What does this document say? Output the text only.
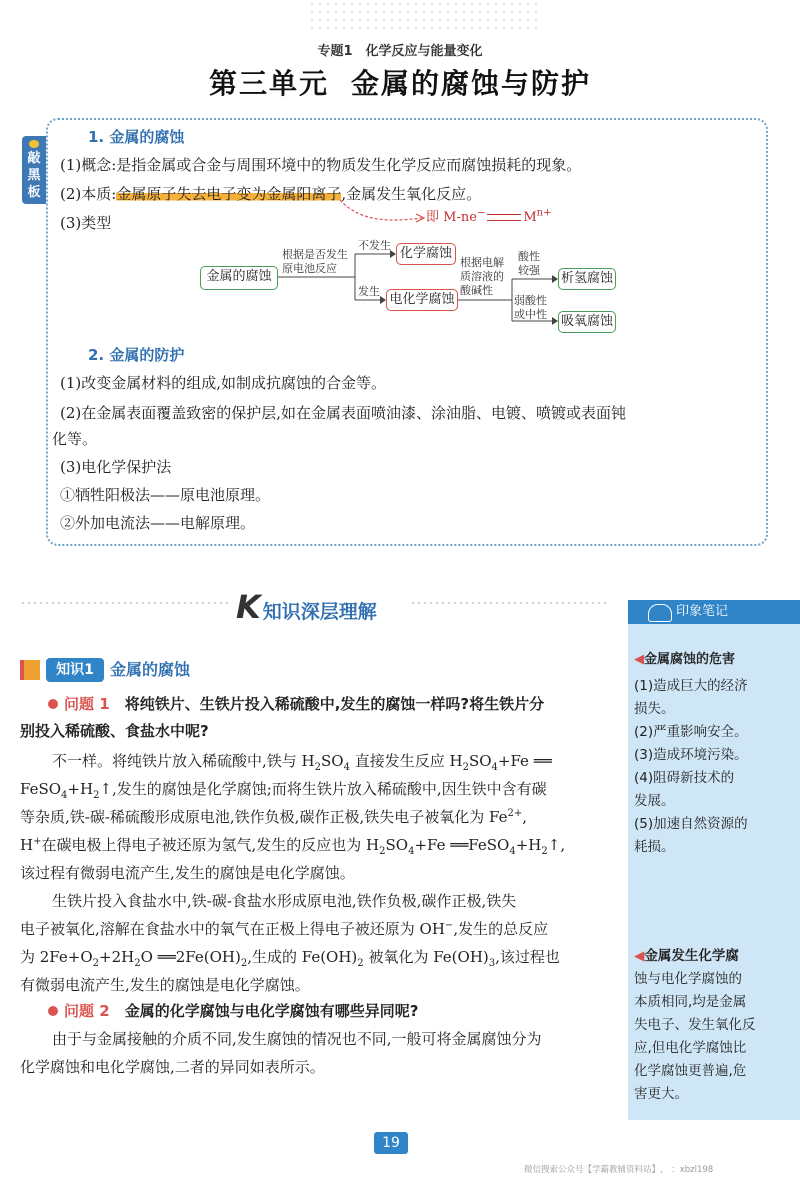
专题1　化学反应与能量变化
第三单元 金属的腐蚀与防护
敲黑板
1. 金属的腐蚀
(1)概念:是指金属或合金与周围环境中的物质发生化学反应而腐蚀损耗的现象。
(2)本质:金属原子失去电子变为金属阳离子,金属发生氧化反应。
(3)类型	即 M-ne−	$M^{n+}$
金属的腐蚀
根据是否发生原电池反应
不发生
发生
化学腐蚀
电化学腐蚀
根据电解质溶液的酸碱性
酸性较强
弱酸性或中性
析氢腐蚀
吸氧腐蚀
2. 金属的防护
(1)改变金属材料的组成,如制成抗腐蚀的合金等。
(2)在金属表面覆盖致密的保护层,如在金属表面喷油漆、涂油脂、电镀、喷镀或表面钝
化等。
(3)电化学保护法
①牺牲阳极法——原电池原理。
②外加电流法——电解原理。
K知识深层理解	印象笔记
◀金属腐蚀的危害
(1)造成巨大的经济
损失。
(2)严重影响安全。
(3)造成环境污染。
(4)阻碍新技术的
发展。
(5)加速自然资源的
耗损。
◀金属发生化学腐
蚀与电化学腐蚀的
本质相同,均是金属
失电子、发生氧化反
应,但电化学腐蚀比
化学腐蚀更普遍,危
害更大。
知识1	金属的腐蚀
问题 1　 将纯铁片、生铁片投入稀硫酸中,发生的腐蚀一样吗?将生铁片分
别投入稀硫酸、食盐水中呢?
不一样。将纯铁片放入稀硫酸中,铁与 $H_2SO_4$ 直接发生反应 $H_2SO_4+Fe$ ══
$FeSO_4+H_2↑$,发生的腐蚀是化学腐蚀;而将生铁片放入稀硫酸中,因生铁中含有碳
等杂质,铁-碳-稀硫酸形成原电池,铁作负极,碳作正极,铁失电子被氧化为 $Fe^{2+}$,
H+在碳电极上得电子被还原为氢气,发生的反应也为 $H_2SO_4+Fe$ $══FeSO_4+H_2↑$,
该过程有微弱电流产生,发生的腐蚀是电化学腐蚀。
生铁片投入食盐水中,铁-碳-食盐水形成原电池,铁作负极,碳作正极,铁失
电子被氧化,溶解在食盐水中的氧气在正极上得电子被还原为 OH−,发生的总反应
为 $2Fe+O_2+2H_2O$ $══2Fe(OH)_2$,生成的 $Fe(OH)_2$ 被氧化为 $Fe(OH)_3$,该过程也
有微弱电流产生,发生的腐蚀是电化学腐蚀。
问题 2　 金属的化学腐蚀与电化学腐蚀有哪些异同呢?
由于与金属接触的介质不同,发生腐蚀的情况也不同,一般可将金属腐蚀分为
化学腐蚀和电化学腐蚀,二者的异同如表所示。
19
微信搜索公众号【学霸教辅资料站】,　：xbzl198
